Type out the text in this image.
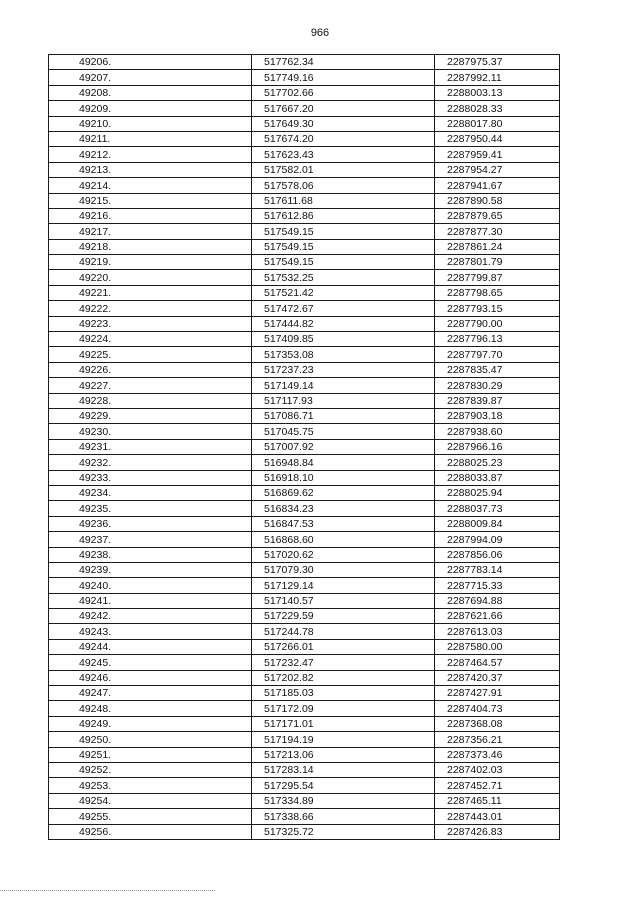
966
49206.	517762.34	2287975.37
49207.	517749.16	2287992.11
49208.	517702.66	2288003.13
49209.	517667.20	2288028.33
49210.	517649.30	2288017.80
49211.	517674.20	2287950.44
49212.	517623.43	2287959.41
49213.	517582.01	2287954.27
49214.	517578.06	2287941.67
49215.	517611.68	2287890.58
49216.	517612.86	2287879.65
49217.	517549.15	2287877.30
49218.	517549.15	2287861.24
49219.	517549.15	2287801.79
49220.	517532.25	2287799.87
49221.	517521.42	2287798.65
49222.	517472.67	2287793.15
49223.	517444.82	2287790.00
49224.	517409.85	2287796.13
49225.	517353.08	2287797.70
49226.	517237.23	2287835.47
49227.	517149.14	2287830.29
49228.	517117.93	2287839.87
49229.	517086.71	2287903.18
49230.	517045.75	2287938.60
49231.	517007.92	2287966.16
49232.	516948.84	2288025.23
49233.	516918.10	2288033.87
49234.	516869.62	2288025.94
49235.	516834.23	2288037.73
49236.	516847.53	2288009.84
49237.	516868.60	2287994.09
49238.	517020.62	2287856.06
49239.	517079.30	2287783.14
49240.	517129.14	2287715.33
49241.	517140.57	2287694.88
49242.	517229.59	2287621.66
49243.	517244.78	2287613.03
49244.	517266.01	2287580.00
49245.	517232.47	2287464.57
49246.	517202.82	2287420.37
49247.	517185.03	2287427.91
49248.	517172.09	2287404.73
49249.	517171.01	2287368.08
49250.	517194.19	2287356.21
49251.	517213.06	2287373.46
49252.	517283.14	2287402.03
49253.	517295.54	2287452.71
49254.	517334.89	2287465.11
49255.	517338.66	2287443.01
49256.	517325.72	2287426.83
